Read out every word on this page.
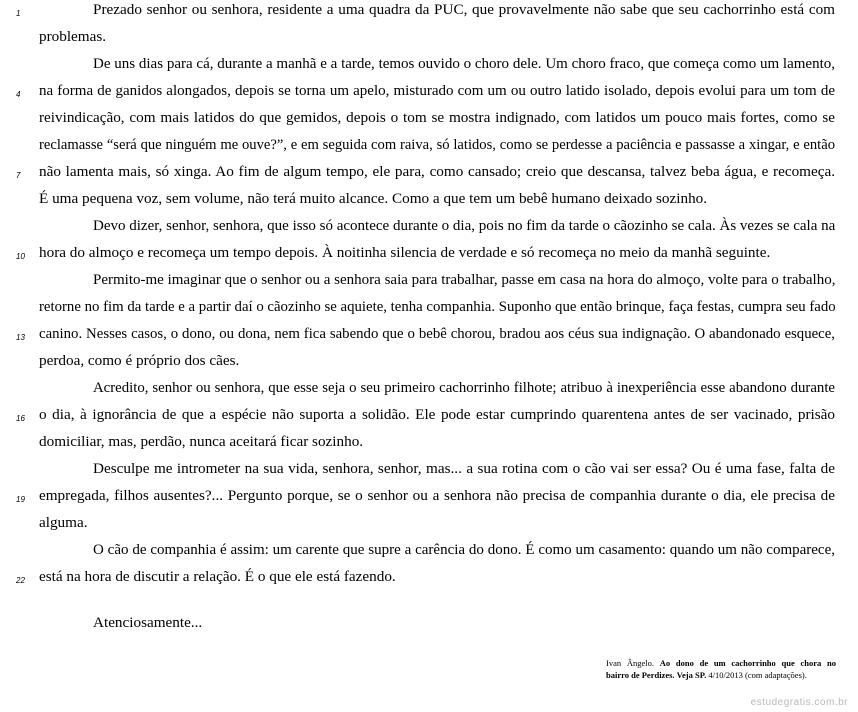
1
4
7
10
13
16
19
22
Prezado senhor ou senhora, residente a uma quadra da PUC, que provavelmente não sabe que seu cachorrinho está com
problemas.
De uns dias para cá, durante a manhã e a tarde, temos ouvido o choro dele. Um choro fraco, que começa como um lamento,
na forma de ganidos alongados, depois se torna um apelo, misturado com um ou outro latido isolado, depois evolui para um tom de
reivindicação, com mais latidos do que gemidos, depois o tom se mostra indignado, com latidos um pouco mais fortes, como se
reclamasse “será que ninguém me ouve?”, e em seguida com raiva, só latidos, como se perdesse a paciência e passasse a xingar, e então
não lamenta mais, só xinga. Ao fim de algum tempo, ele para, como cansado; creio que descansa, talvez beba água, e recomeça.
É uma pequena voz, sem volume, não terá muito alcance. Como a que tem um bebê humano deixado sozinho.
Devo dizer, senhor, senhora, que isso só acontece durante o dia, pois no fim da tarde o cãozinho se cala. Às vezes se cala na
hora do almoço e recomeça um tempo depois. À noitinha silencia de verdade e só recomeça no meio da manhã seguinte.
Permito-me imaginar que o senhor ou a senhora saia para trabalhar, passe em casa na hora do almoço, volte para o trabalho,
retorne no fim da tarde e a partir daí o cãozinho se aquiete, tenha companhia. Suponho que então brinque, faça festas, cumpra seu fado
canino. Nesses casos, o dono, ou dona, nem fica sabendo que o bebê chorou, bradou aos céus sua indignação. O abandonado esquece,
perdoa, como é próprio dos cães.
Acredito, senhor ou senhora, que esse seja o seu primeiro cachorrinho filhote; atribuo à inexperiência esse abandono durante
o dia, à ignorância de que a espécie não suporta a solidão. Ele pode estar cumprindo quarentena antes de ser vacinado, prisão
domiciliar, mas, perdão, nunca aceitará ficar sozinho.
Desculpe me intrometer na sua vida, senhora, senhor, mas... a sua rotina com o cão vai ser essa? Ou é uma fase, falta de
empregada, filhos ausentes?... Pergunto porque, se o senhor ou a senhora não precisa de companhia durante o dia, ele precisa de
alguma.
O cão de companhia é assim: um carente que supre a carência do dono. É como um casamento: quando um não comparece,
está na hora de discutir a relação. É o que ele está fazendo.
Atenciosamente...
Ivan Ângelo. Ao dono de um cachorrinho que chora no
bairro de Perdizes. Veja SP. 4/10/2013 (com adaptações).
estudegratis.com.br
